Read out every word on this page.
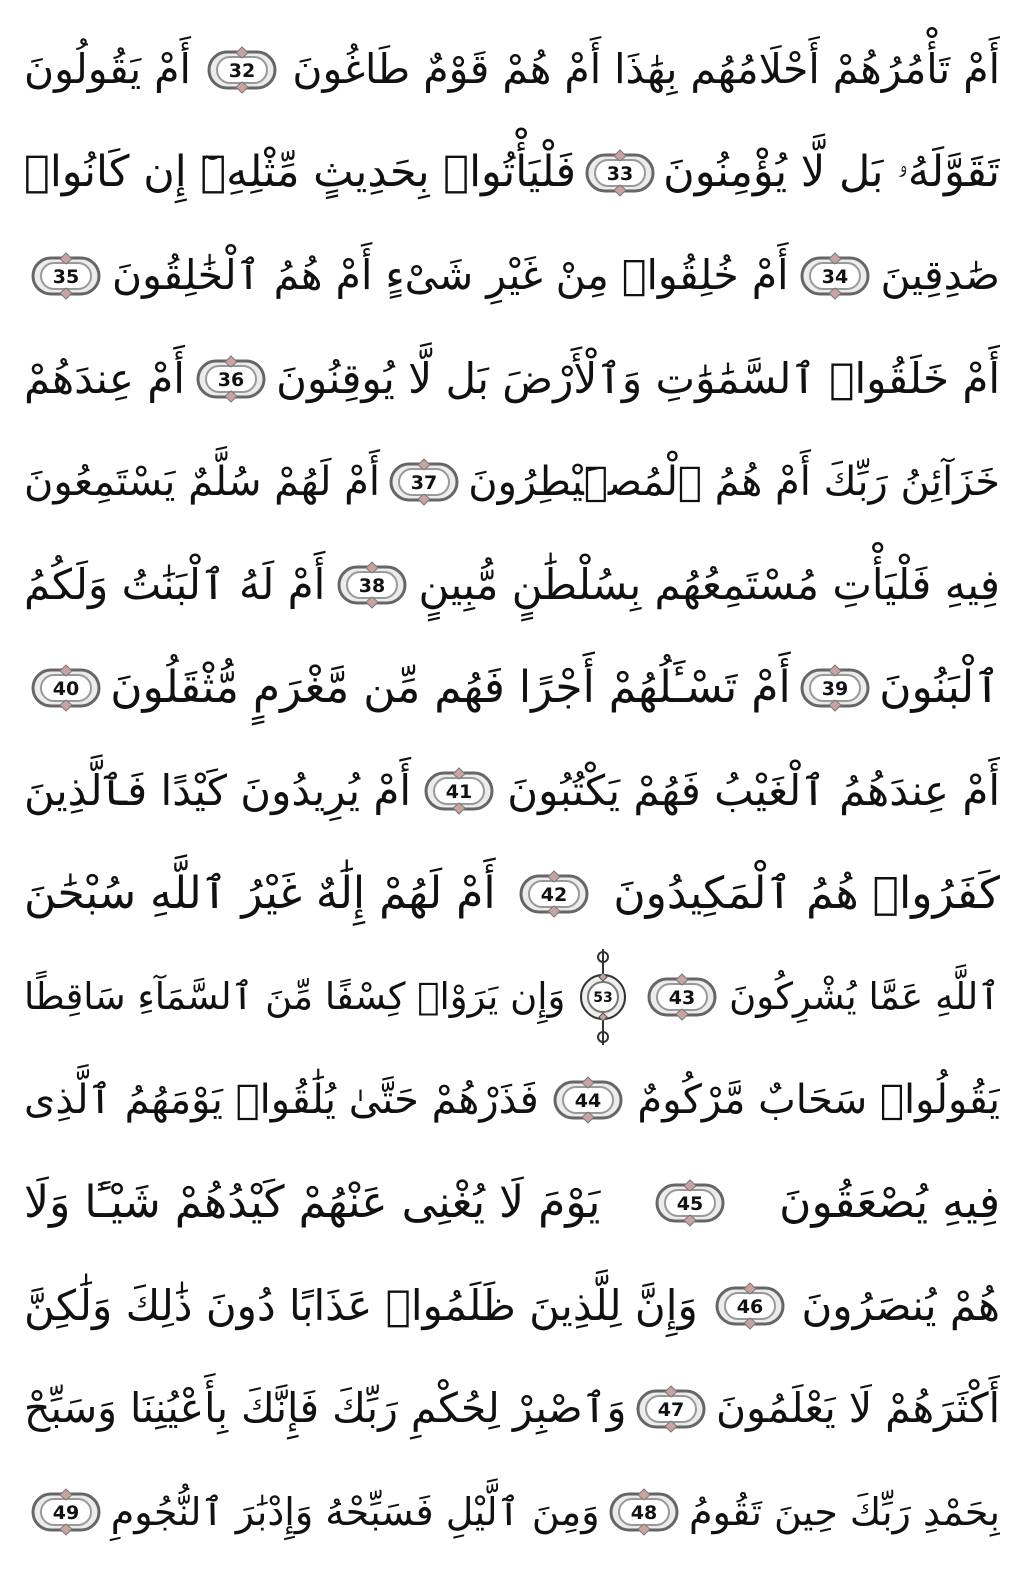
أَمْ تَأْمُرُهُمْ أَحْلَامُهُم بِهَٰذَا أَمْ هُمْ قَوْمٌ طَاغُونَ
32
أَمْ يَقُولُونَ
تَقَوَّلَهُۥ بَل لَّا يُؤْمِنُونَ
33
فَلْيَأْتُوا۟ بِحَدِيثٍ مِّثْلِهِۦٓ إِن كَانُوا۟
صَٰدِقِينَ
34
أَمْ خُلِقُوا۟ مِنْ غَيْرِ شَىْءٍ أَمْ هُمُ ٱلْخَٰلِقُونَ
35
أَمْ خَلَقُوا۟ ٱلسَّمَٰوَٰتِ وَٱلْأَرْضَ بَل لَّا يُوقِنُونَ
36
أَمْ عِندَهُمْ
خَزَآئِنُ رَبِّكَ أَمْ هُمُ ٱلْمُصَۣيْطِرُونَ
37
أَمْ لَهُمْ سُلَّمٌ يَسْتَمِعُونَ
فِيهِ فَلْيَأْتِ مُسْتَمِعُهُم بِسُلْطَٰنٍ مُّبِينٍ
38
أَمْ لَهُ ٱلْبَنَٰتُ وَلَكُمُ
ٱلْبَنُونَ
39
أَمْ تَسْـَٔلُهُمْ أَجْرًا فَهُم مِّن مَّغْرَمٍ مُّثْقَلُونَ
40
أَمْ عِندَهُمُ ٱلْغَيْبُ فَهُمْ يَكْتُبُونَ
41
أَمْ يُرِيدُونَ كَيْدًا فَٱلَّذِينَ
كَفَرُوا۟ هُمُ ٱلْمَكِيدُونَ
42
أَمْ لَهُمْ إِلَٰهٌ غَيْرُ ٱللَّهِ سُبْحَٰنَ
ٱللَّهِ عَمَّا يُشْرِكُونَ
43
53
وَإِن يَرَوْا۟ كِسْفًا مِّنَ ٱلسَّمَآءِ سَاقِطًا
يَقُولُوا۟ سَحَابٌ مَّرْكُومٌ
44
فَذَرْهُمْ حَتَّىٰ يُلَٰقُوا۟ يَوْمَهُمُ ٱلَّذِى
فِيهِ يُصْعَقُونَ
45
يَوْمَ لَا يُغْنِى عَنْهُمْ كَيْدُهُمْ شَيْـًٔا وَلَا
هُمْ يُنصَرُونَ
46
وَإِنَّ لِلَّذِينَ ظَلَمُوا۟ عَذَابًا دُونَ ذَٰلِكَ وَلَٰكِنَّ
أَكْثَرَهُمْ لَا يَعْلَمُونَ
47
وَٱصْبِرْ لِحُكْمِ رَبِّكَ فَإِنَّكَ بِأَعْيُنِنَا وَسَبِّحْ
بِحَمْدِ رَبِّكَ حِينَ تَقُومُ
48
وَمِنَ ٱلَّيْلِ فَسَبِّحْهُ وَإِدْبَٰرَ ٱلنُّجُومِ
49
